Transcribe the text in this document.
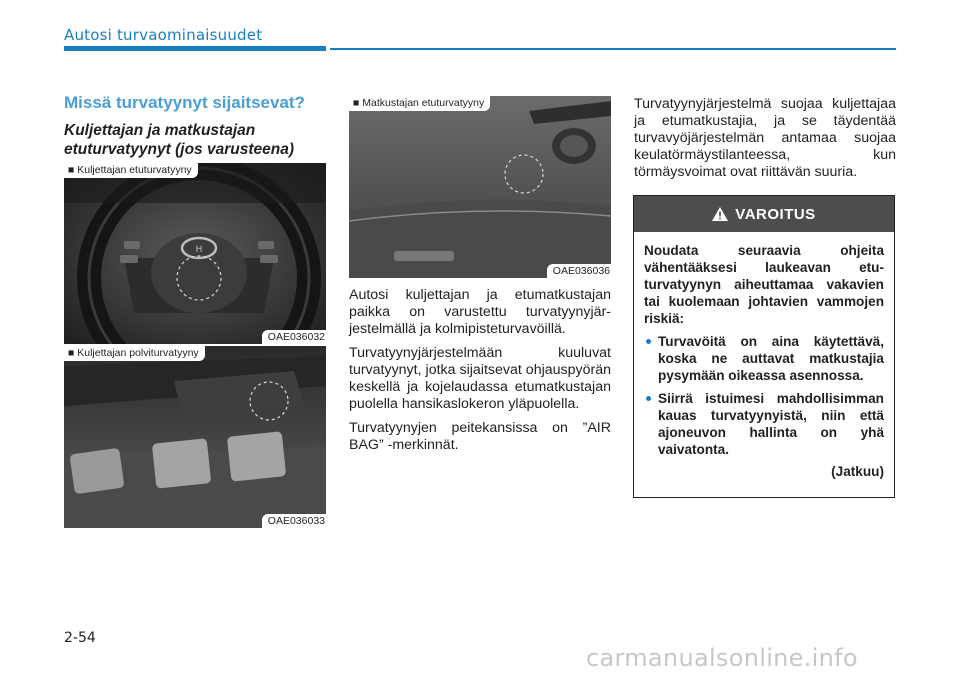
Autosi turvaominaisuudet
Missä turvatyynyt sijaitsevat?
Kuljettajan ja matkustajan etuturvatyynyt (jos varusteena)
H
■ Kuljettajan etuturvatyyny
OAE036032
■ Kuljettajan polviturvatyyny
OAE036033
■ Matkustajan etuturvatyyny
OAE036036

Autosi kuljettajan ja etumatkustajan paikka on varustettu turvatyynyjärjestelmällä ja kolmipisteturvavöillä.

Turvatyynyjärjestelmään kuuluvat turvatyynyt, jotka sijaitsevat ohjauspyörän keskellä ja kojelaudassa etumatkustajan puolella hansikaslokeron yläpuolella.

Turvatyynyjen peitekansissa on ”AIR BAG” -merkinnät.

Turvatyynyjärjestelmä suojaa kuljettajaa ja etumatkustajia, ja se täydentää turvavyöjärjestelmän antamaa suojaa keulatörmäystilanteessa, kun törmäysvoimat ovat riittävän suuria.

VAROITUS

Noudata seuraavia ohjeita vähentääksesi laukeavan etuturvatyynyn aiheuttamaa vakavien tai kuolemaan johtavien vammojen riskiä:

Turvavöitä on aina käytettävä, koska ne auttavat matkustajia pysymään oikeassa asennossa.
Siirrä istuimesi mahdollisimman kauas turvatyynyistä, niin että ajoneuvon hallinta on yhä vaivatonta.
(Jatkuu)
2-54
carmanualsonline.info
